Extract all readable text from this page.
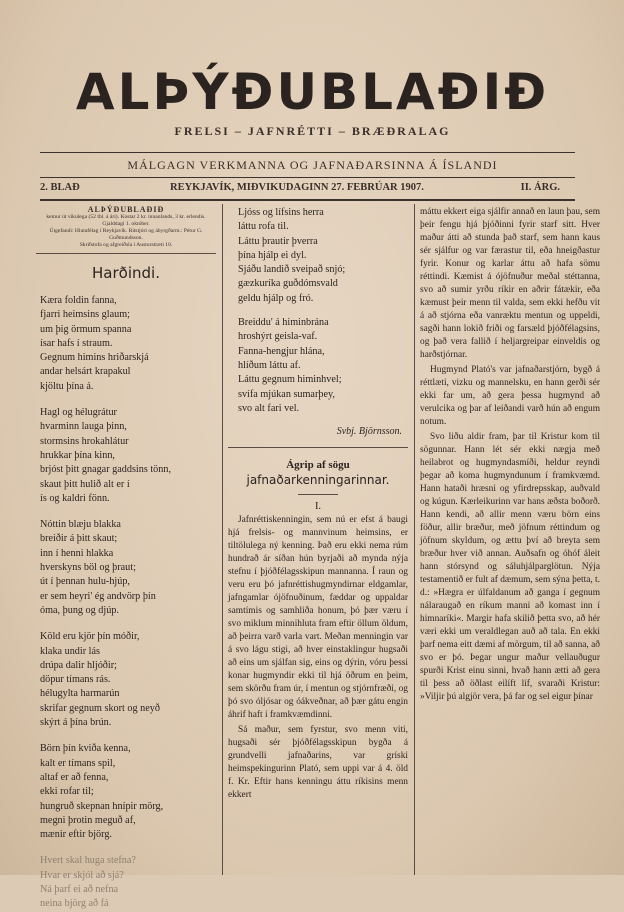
ALÞÝÐUBLAÐIÐ
FRELSI – JAFNRÉTTI – BRÆÐRALAG
MÁLGAGN VERKMANNA OG JAFNAÐARSINNA Á ÍSLANDI
2. BLAÐ	REYKJAVÍK, MIÐVIKUDAGINN 27. FEBRÚAR 1907.	II. ÁRG.
ALÞÝÐUBLAÐIÐ
kemur út vikulega (52 tbl. á ári). Kostar 2 kr. innanlands, 3 kr. erlendis. Gjalddagi 1. október.
Útgefandi: Hlutafélag í Reykjavík. Ritstjóri og ábyrgðarm.: Pétur G. Guðmundsson.
Skrifstofa og afgreiðsla í Austurstræti 10.
Harðindi.
Kæra foldin fanna,
fjarri heimsins glaum;
um þig örmum spanna
ísar hafs í straum.
Gegnum himins hriðarskjá
andar helsárt krapakul
kjöltu þína á.
Hagl og hélugrátur
hvarminn lauga þinn,
stormsins hrokahlátur
hrukkar þína kinn,
brjóst þitt gnagar gaddsins tönn,
skaut þitt hulið alt er í
ís og kaldri fönn.
Nóttin blæju blakka
breiðir á þitt skaut;
inn í henni hlakka
hverskyns böl og þraut;
út í þennan hulu-hjúp,
er sem heyri' ég andvörp þín
óma, þung og djúp.
Köld eru kjör þín móðir,
klaka undir lás
drúpa dalir hljóðir;
döpur tímans rás.
hélugylta harmarún
skrifar gegnum skort og neyð
skýrt á þína brún.
Börn þín kviða kenna,
kalt er tímans spil,
altaf er að fenna,
ekki rofar til;
hungruð skepnan hnípir mörg,
megni þrotin meguð af,
mænir eftir björg.
Hvert skal huga stefna?
Hvar er skjól að sjá?
Ná þarf ei að nefna
neina björg að fá
Ljóss og lífsins herra
láttu rofa til.
Láttu þrautir þverra
þína hjálp ei dyl.
Sjáðu landið sveipað snjó;
gæzkuríka guðdómsvald
geldu hjálp og fró.
Breiddu' á himinbrána
hroshýrt geisla-vaf.
Fanna-hengjur hlána,
hlíðum láttu af.
Láttu gegnum himinhvel;
svífa mjúkan sumarþey,
svo alt fari vel.
Svbj. Björnsson.
Ágrip af sögu
jafnaðarkenningarinnar.
I.

Jafnréttiskenningin, sem nú er efst á baugi hjá frelsis- og mannvinum heimsins, er tiltölulega ný kenning. Það eru ekki nema rúm hundrað ár síðan hún byrjaði að mynda nýja stefnu í þjóðfélagsskipun mannanna. Í raun og veru eru þó jafnréttishugmyndirnar eldgamlar, jafngamlar ójöfnuðinum, fæddar og uppaldar samtímis og samhliða honum, þó þær væru í svo miklum minnihluta fram eftir öllum öldum, að þeirra varð varla vart. Meðan menningin var á svo lágu stigi, að hver einstaklingur hugsaði að eins um sjálfan sig, eins og dýrin, vóru þessi konar hugmyndir ekki til hjá öðrum en þeim, sem skörðu fram úr, í mentun og stjórnfræði, og þó svo óljósar og óákveðnar, að þær gátu engin áhrif haft í framkvæmdinni.

Sá maður, sem fyrstur, svo menn viti, hugsaði sér þjóðfélagsskipun bygða á grundvelli jafnaðarins, var gríski heimspekingurinn Plató, sem uppi var á 4. öld f. Kr. Eftir hans kenningu áttu ríkisins menn ekkert

máttu ekkert eiga sjálfir annað en laun þau, sem þeir fengu hjá þjóðinni fyrir starf sitt. Hver maður átti að stunda það starf, sem hann kaus sér sjálfur og var færastur til, eða hneigðastur fyrir. Konur og karlar áttu að hafa sömu réttindi. Kæmist á ójöfnuður meðal stéttanna, svo að sumir yrðu ríkir en aðrir fátækir, eða kæmust þeir menn til valda, sem ekki hefðu vit á að stjórna eða vanræktu mentun og uppeldi, sagði hann lokið friði og farsæld þjóðfélagsins, og það vera fallið í heljargreipar einveldis og harðstjórnar.

Hugmynd Plató's var jafnaðarstjórn, bygð á réttlæti, vizku og mannelsku, en hann gerði sér ekki far um, að gera þessa hugmynd að verulcika og þar af leiðandi varð hún að engum notum.

Svo liðu aldir fram, þar til Kristur kom til sögunnar. Hann lét sér ekki nægja með heilabrot og hugmyndasmíði, heldur reyndi þegar að koma hugmyndunum í framkvæmd. Hann hataði hræsni og yfirdrepsskap, auðvald og kúgun. Kærleikurinn var hans æðsta boðorð. Hann kendi, að allir menn væru börn eins föður, allir bræður, með jöfnum réttindum og jöfnum skyldum, og ættu því að breyta sem bræður hver við annan. Auðsafn og óhóf áleit hann stórsynd og sáluhjálparglötun. Nýja testamentið er fult af dæmum, sem sýna þetta, t. d.: »Hægra er úlfaldanum að ganga í gegnum nálaraugað en ríkum manni að komast inn í himnaríki«. Margir hafa skilið þetta svo, að hér væri ekki um veraldlegan auð að tala. En ekki þarf nema eitt dæmi af mörgum, til að sanna, að svo er þó. Þegar ungur maður vellauðugur spurði Krist einu sinni, hvað hann ætti að gera til þess að öðlast eilíft líf, svaraði Kristur: »Viljir þú algjör vera, þá far og sel eigur þínar
